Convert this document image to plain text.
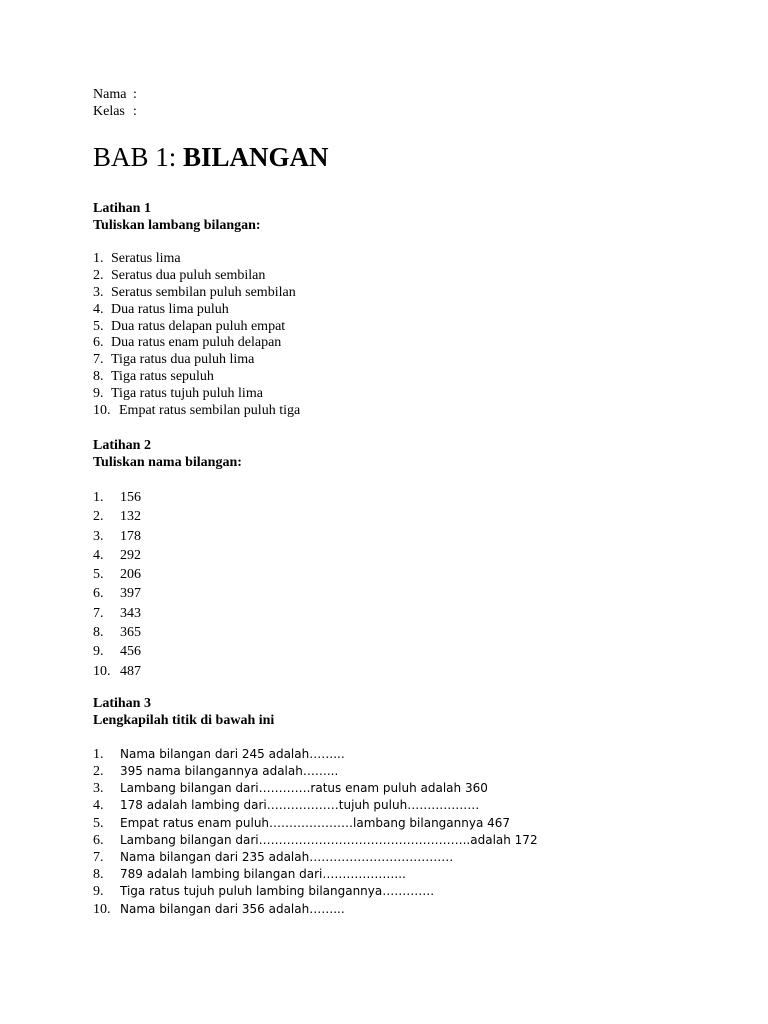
Nama :
Kelas :
BAB 1: BILANGAN
Latihan 1
Tuliskan lambang bilangan:
1. Seratus lima
2. Seratus dua puluh sembilan
3. Seratus sembilan puluh sembilan
4. Dua ratus lima puluh
5. Dua ratus delapan puluh empat
6. Dua ratus enam puluh delapan
7. Tiga ratus dua puluh lima
8. Tiga ratus sepuluh
9. Tiga ratus tujuh puluh lima
10. Empat ratus sembilan puluh tiga
Latihan 2
Tuliskan nama bilangan:
1. 156
2. 132
3. 178
4. 292
5. 206
6. 397
7. 343
8. 365
9. 456
10. 487
Latihan 3
Lengkapilah titik di bawah ini
1. Nama bilangan dari 245 adalah……...
2. 395 nama bilangannya adalah……...
3. Lambang bilangan dari………….ratus enam puluh adalah 360
4. 178 adalah lambing dari………………tujuh puluh………………
5. Empat ratus enam puluh…………………lambang bilangannya 467
6. Lambang bilangan dari……………………………………………..adalah 172
7. Nama bilangan dari 235 adalah………………………………
8. 789 adalah lambing bilangan dari………………...
9. Tiga ratus tujuh puluh lambing bilangannya………….
10. Nama bilangan dari 356 adalah……...
